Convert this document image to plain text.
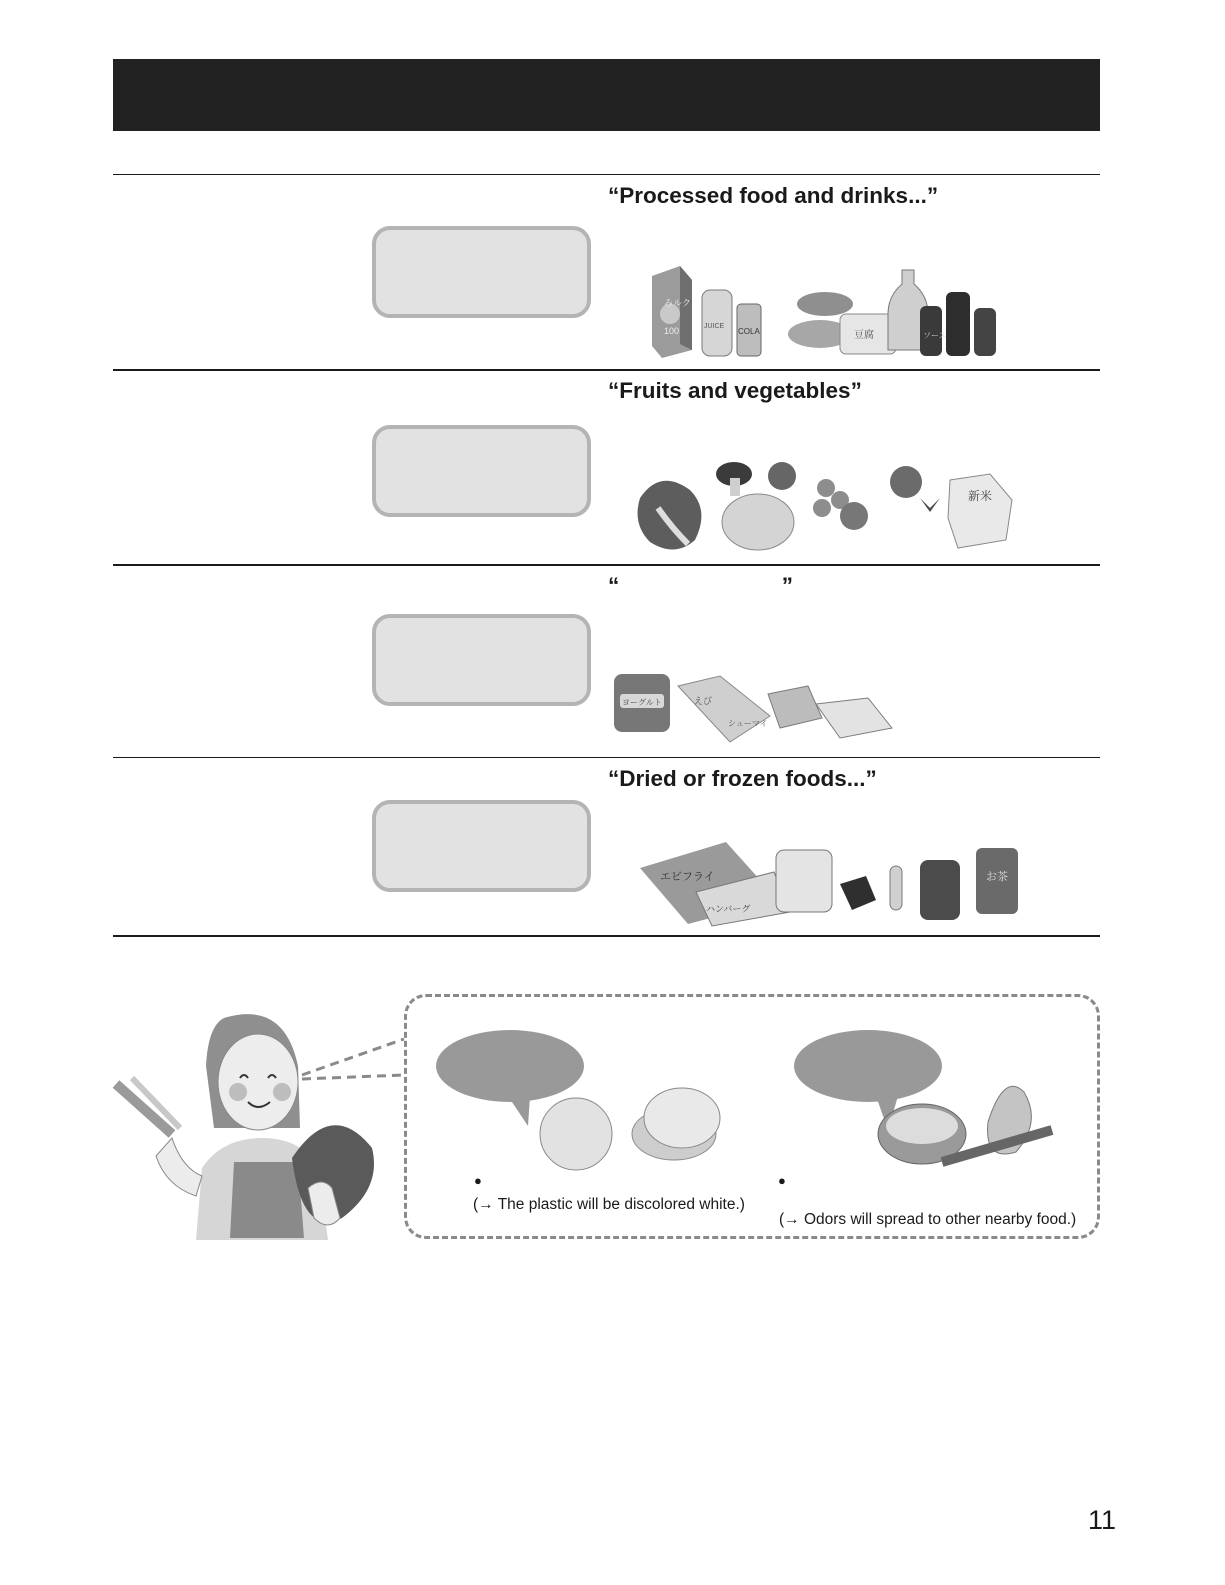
“Processed food and drinks...”
みルク
100	JUICE
COLA	豆腐	ソース
“Fruits and vegetables”
新米
“                          ”
ヨーグルト	えび
シューマイ
“Dried or frozen foods...”
エビフライ
ハンバーグ
お茶
●
(→ The plastic will be discolored white.)
●
(→ Odors will spread to other nearby food.)
11
